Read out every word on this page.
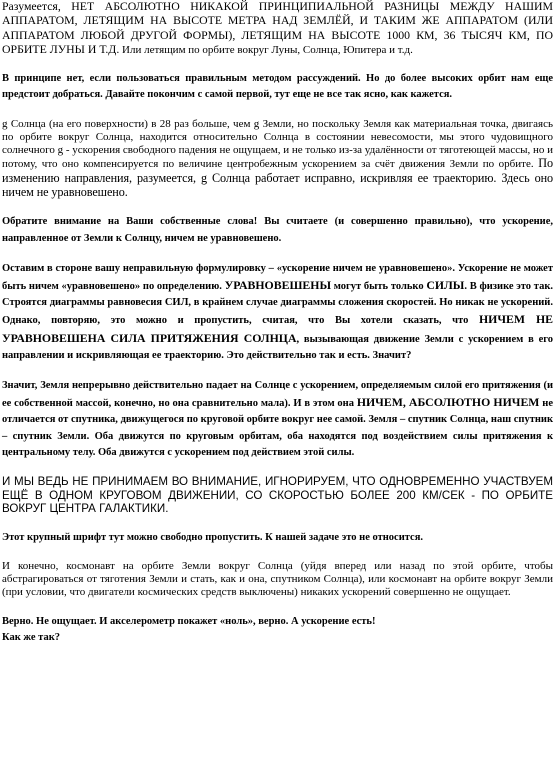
Разумеется, НЕТ АБСОЛЮТНО НИКАКОЙ ПРИНЦИПИАЛЬНОЙ РАЗНИЦЫ МЕЖДУ НАШИМ АППАРАТОМ, ЛЕТЯЩИМ НА ВЫСОТЕ МЕТРА НАД ЗЕМЛЁЙ, И ТАКИМ ЖЕ АППАРАТОМ (ИЛИ АППАРАТОМ ЛЮБОЙ ДРУГОЙ ФОРМЫ), ЛЕТЯЩИМ НА ВЫСОТЕ 1000 КМ, 36 ТЫСЯЧ КМ, ПО ОРБИТЕ ЛУНЫ И Т.Д. Или летящим по орбите вокруг Луны, Солнца, Юпитера и т.д.

В принципе нет, если пользоваться правильным методом рассуждений. Но до более высоких орбит нам еще предстоит добраться. Давайте покончим с самой первой, тут еще не все так ясно, как кажется.

g Солнца (на его поверхности) в 28 раз больше, чем g Земли, но поскольку Земля как материальная точка, двигаясь по орбите вокруг Солнца, находится относительно Солнца в состоянии невесомости, мы этого чудовищного солнечного g - ускорения свободного падения не ощущаем, и не только из-за удалённости от тяготеющей массы, но и потому, что оно компенсируется по величине центробежным ускорением за счёт движения Земли по орбите. По изменению направления, разумеется, g Солнца работает исправно, искривляя ее траекторию. Здесь оно ничем не уравновешено.

Обратите внимание на Ваши собственные слова! Вы считаете (и совершенно правильно), что ускорение, направленное от Земли к Солнцу, ничем не уравновешено.

Оставим в стороне вашу неправильную формулировку – «ускорение ничем не уравновешено». Ускорение не может быть ничем «уравновешено» по определению. УРАВНОВЕШЕНЫ могут быть только СИЛЫ. В физике это так. Строятся диаграммы равновесия СИЛ, в крайнем случае диаграммы сложения скоростей. Но никак не ускорений. Однако, повторяю, это можно и пропустить, считая, что Вы хотели сказать, что НИЧЕМ НЕ УРАВНОВЕШЕНА СИЛА ПРИТЯЖЕНИЯ СОЛНЦА, вызывающая движение Земли с ускорением в его направлении и искривляющая ее траекторию. Это действительно так и есть. Значит?

Значит, Земля непрерывно действительно падает на Солнце с ускорением, определяемым силой его притяжения (и ее собственной массой, конечно, но она сравнительно мала). И в этом она НИЧЕМ, АБСОЛЮТНО НИЧЕМ не отличается от спутника, движущегося по круговой орбите вокруг нее самой. Земля – спутник Солнца, наш спутник – спутник Земли. Оба движутся по круговым орбитам, оба находятся под воздействием силы притяжения к центральному телу. Оба движутся с ускорением под действием этой силы.

И МЫ ВЕДЬ НЕ ПРИНИМАЕМ ВО ВНИМАНИЕ, ИГНОРИРУЕМ, ЧТО ОДНОВРЕМЕННО УЧАСТВУЕМ ЕЩЁ В ОДНОМ КРУГОВОМ ДВИЖЕНИИ, СО СКОРОСТЬЮ БОЛЕЕ 200 КМ/СЕК - ПО ОРБИТЕ ВОКРУГ ЦЕНТРА ГАЛАКТИКИ.

Этот крупный шрифт тут можно свободно пропустить. К нашей задаче это не относится.

И конечно, космонавт на орбите Земли вокруг Солнца (уйдя вперед или назад по этой орбите, чтобы абстрагироваться от тяготения Земли и стать, как и она, спутником Солнца), или космонавт на орбите вокруг Земли (при условии, что двигатели космических средств выключены) никаких ускорений совершенно не ощущает.

Верно. Не ощущает. И акселерометр покажет «ноль», верно. А ускорение есть!
Как же так?
